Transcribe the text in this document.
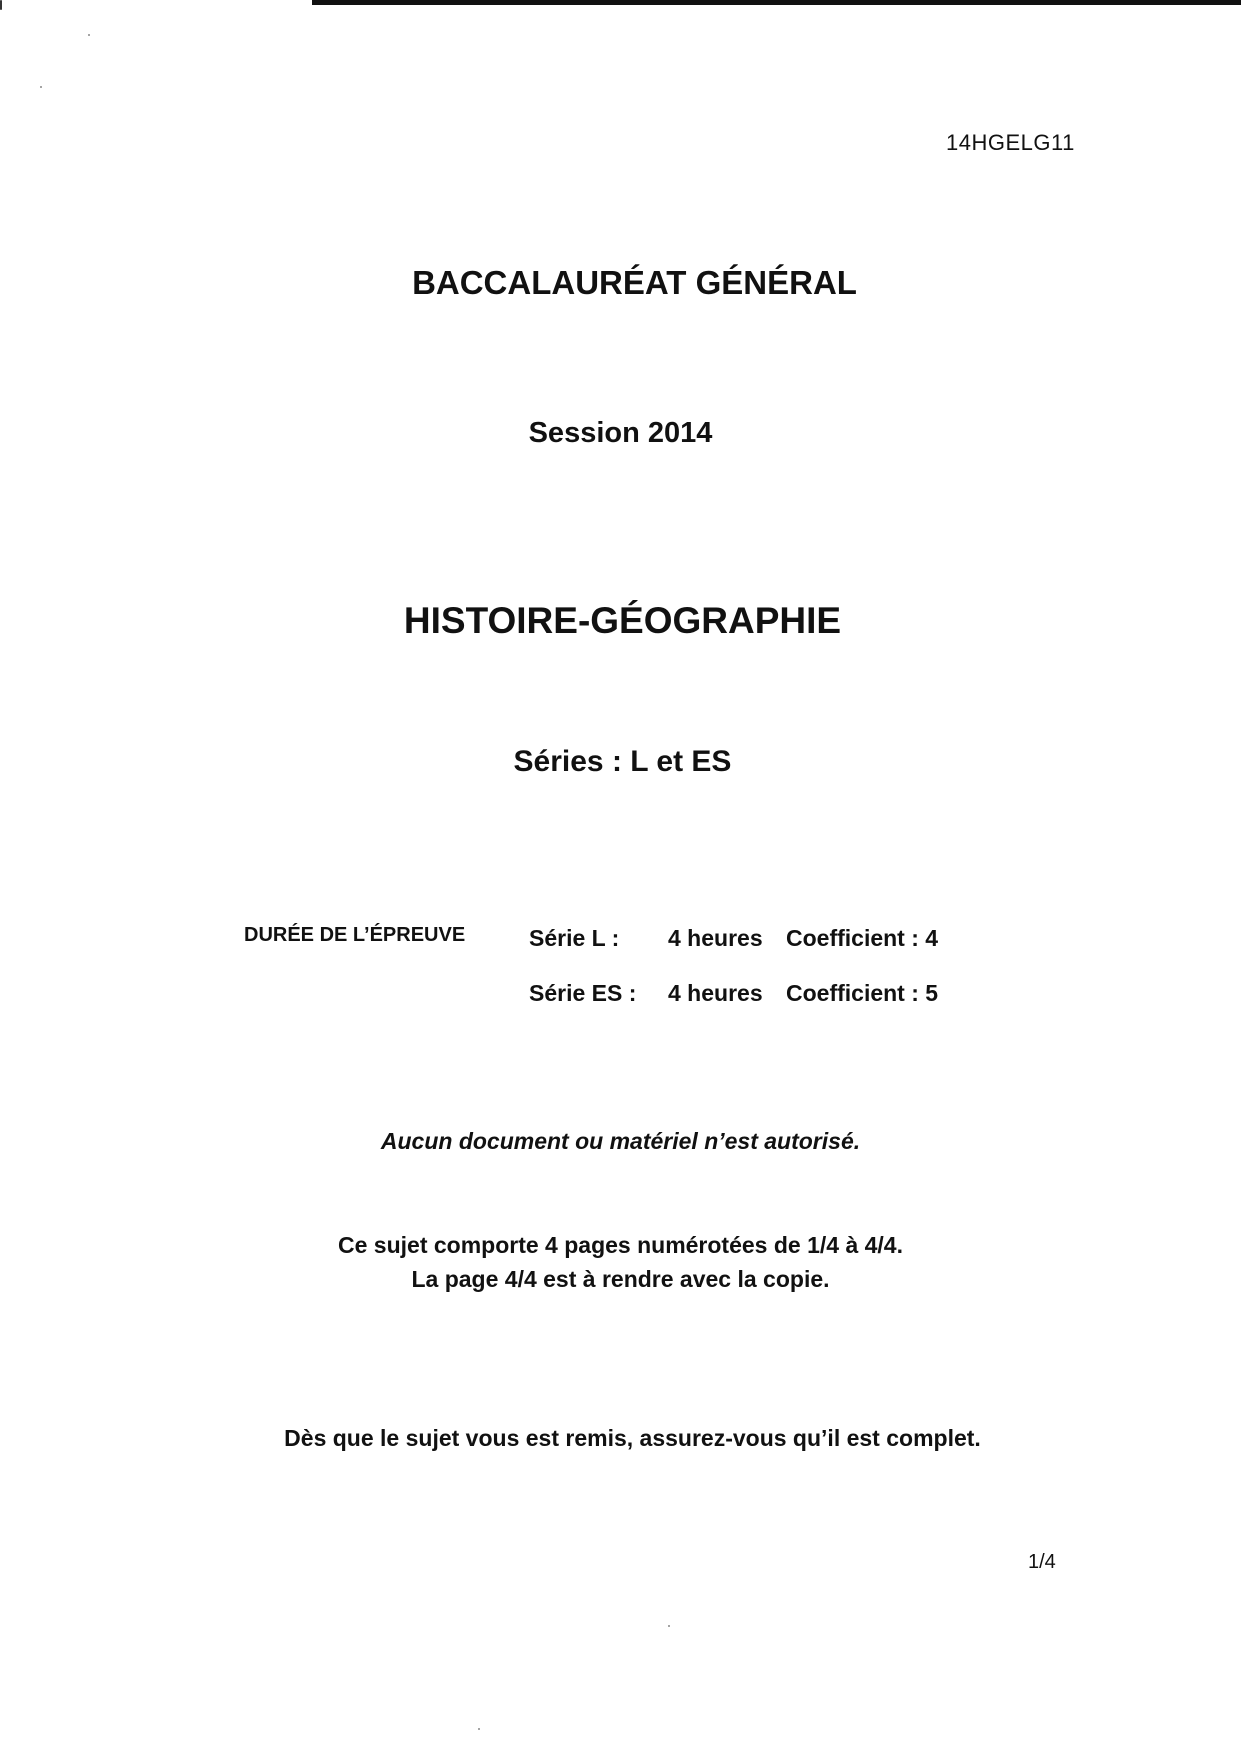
14HGELG11
BACCALAURÉAT GÉNÉRAL
Session 2014
HISTOIRE-GÉOGRAPHIE
Séries : L et ES
DURÉE DE L’ÉPREUVE	Série L : 4 heures Coefficient : 4
Série ES : 4 heures Coefficient : 5
Aucun document ou matériel n’est autorisé.
Ce sujet comporte 4 pages numérotées de 1/4 à 4/4.
La page 4/4 est à rendre avec la copie.
Dès que le sujet vous est remis, assurez-vous qu’il est complet.
1/4
